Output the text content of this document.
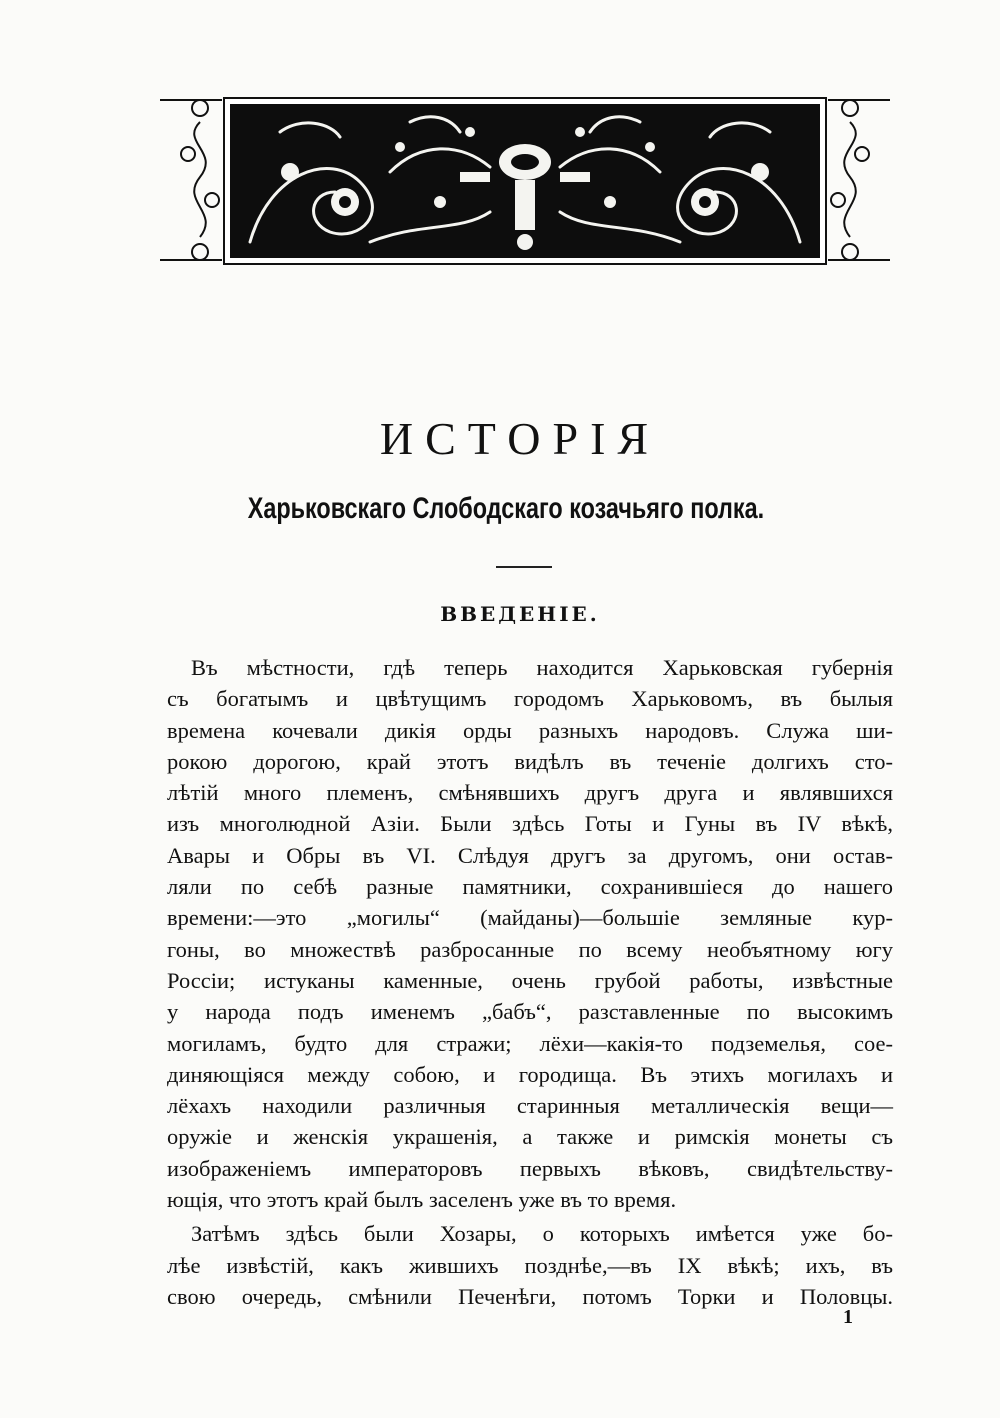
ИСТОРІЯ
Харьковскаго Слободскаго козачьяго полка.
ВВЕДЕНІЕ.
Въ мѣстности, гдѣ теперь находится Харьковская губернія
съ богатымъ и цвѣтущимъ городомъ Харьковомъ, въ былыя
времена кочевали дикія орды разныхъ народовъ. Служа ши-
рокою дорогою, край этотъ видѣлъ въ теченіе долгихъ сто-
лѣтій много племенъ, смѣнявшихъ другъ друга и являвшихся
изъ многолюдной Азіи. Были здѣсь Готы и Гуны въ IV вѣкѣ,
Авары и Обры въ VI. Слѣдуя другъ за другомъ, они остав-
ляли по себѣ разные памятники, сохранившіеся до нашего
времени:—это „могилы“ (майданы)—большіе земляные кур-
гоны, во множествѣ разбросанные по всему необъятному югу
Россіи; истуканы каменные, очень грубой работы, извѣстные
у народа подъ именемъ „бабъ“, разставленные по высокимъ
могиламъ, будто для стражи; лёхи—какія-то подземелья, сое-
диняющіяся между собою, и городища. Въ этихъ могилахъ и
лёхахъ находили различныя старинныя металлическія вещи—
оружіе и женскія украшенія, а также и римскія монеты съ
изображеніемъ императоровъ первыхъ вѣковъ, свидѣтельству-
ющія, что этотъ край былъ заселенъ уже въ то время.
Затѣмъ здѣсь были Хозары, о которыхъ имѣется уже бо-
лѣе извѣстій, какъ жившихъ позднѣе,—въ IX вѣкѣ; ихъ, въ
свою очередь, смѣнили Печенѣги, потомъ Торки и Половцы.
1
